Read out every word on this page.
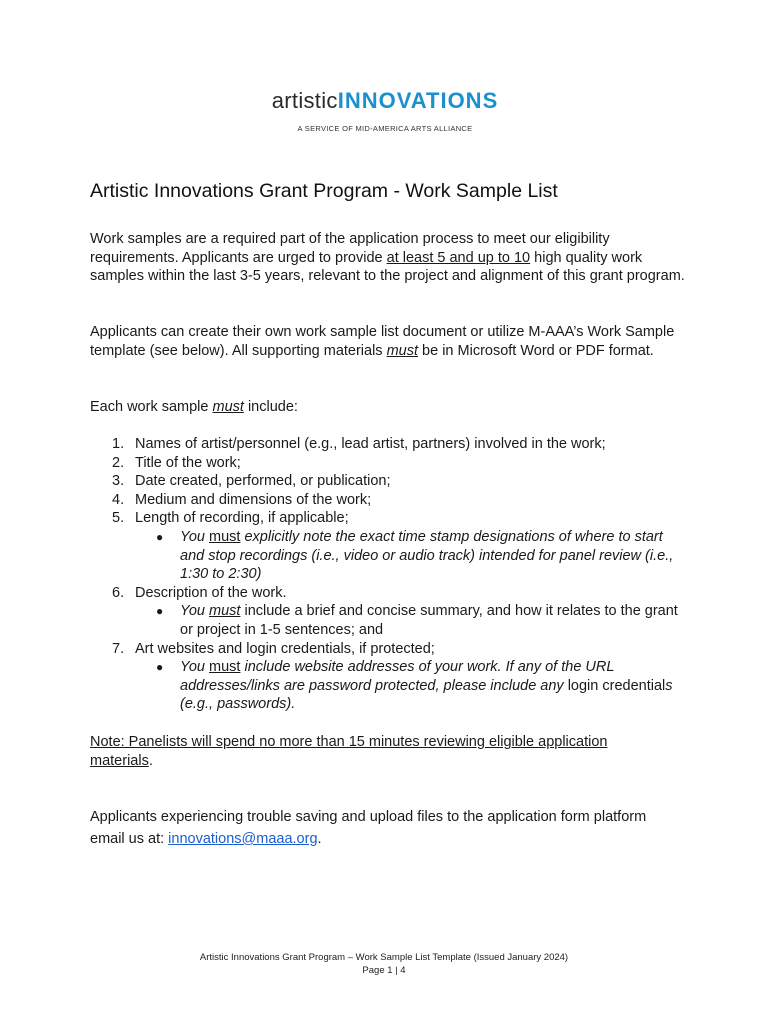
artisticINNOVATIONS
A SERVICE OF MID-AMERICA ARTS ALLIANCE
Artistic Innovations Grant Program - Work Sample List

Work samples are a required part of the application process to meet our eligibility requirements. Applicants are urged to provide at least 5 and up to 10 high quality work samples within the last 3-5 years, relevant to the project and alignment of this grant program.

Applicants can create their own work sample list document or utilize M-AAA’s Work Sample template (see below). All supporting materials must be in Microsoft Word or PDF format.

Each work sample must include:

1. Names of artist/personnel (e.g., lead artist, partners) involved in the work;
2. Title of the work;
3. Date created, performed, or publication;
4. Medium and dimensions of the work;
5. Length of recording, if applicable;
● You must explicitly note the exact time stamp designations of where to start and stop recordings (i.e., video or audio track) intended for panel review (i.e., 1:30 to 2:30)
6. Description of the work.
● You must include a brief and concise summary, and how it relates to the grant or project in 1-5 sentences; and
7. Art websites and login credentials, if protected;
● You must include website addresses of your work. If any of the URL addresses/links are password protected, please include any login credentials (e.g., passwords).
Note: Panelists will spend no more than 15 minutes reviewing eligible application materials.
Applicants experiencing trouble saving and upload files to the application form platform email us at: innovations@maaa.org.
Artistic Innovations Grant Program – Work Sample List Template (Issued January 2024)
Page 1 | 4
